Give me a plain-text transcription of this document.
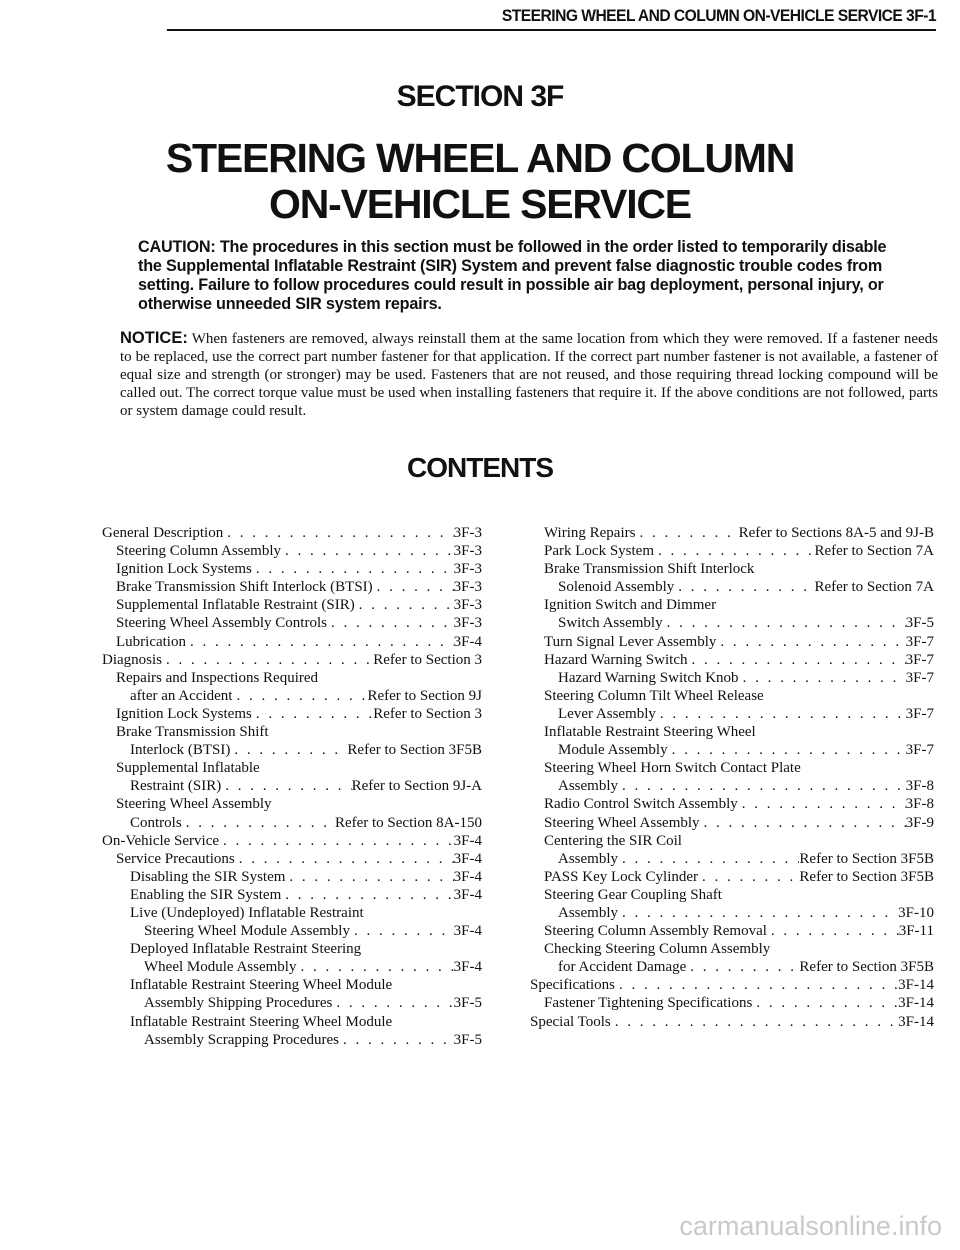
STEERING WHEEL AND COLUMN ON-VEHICLE SERVICE 3F-1
SECTION 3F
STEERING WHEEL AND COLUMN
ON-VEHICLE SERVICE
CAUTION: The procedures in this section must be followed in the order listed to temporarily disable the Supplemental Inflatable Restraint (SIR) System and prevent false diagnostic trouble codes from setting. Failure to follow procedures could result in possible air bag deployment, personal injury, or otherwise unneeded SIR system repairs.
NOTICE: When fasteners are removed, always reinstall them at the same location from which they were removed. If a fastener needs to be replaced, use the correct part number fastener for that application. If the correct part number fastener is not available, a fastener of equal size and strength (or stronger) may be used. Fasteners that are not reused, and those requiring thread locking compound will be called out. The correct torque value must be used when installing fasteners that require it. If the above conditions are not followed, parts or system damage could result.
CONTENTS
General Description . . .	3F-3
Steering Column Assembly . . .	3F-3
Ignition Lock Systems . . .	3F-3
Brake Transmission Shift Interlock (BTSI) . . .	3F-3
Supplemental Inflatable Restraint (SIR) . . .	3F-3
Steering Wheel Assembly Controls . . .	3F-3
Lubrication . . .	3F-4
Diagnosis . . .	Refer to Section 3
Repairs and Inspections Required
after an Accident . . .	Refer to Section 9J
Ignition Lock Systems . . .	Refer to Section 3
Brake Transmission Shift
Interlock (BTSI) . . .	Refer to Section 3F5B
Supplemental Inflatable
Restraint (SIR) . . .	Refer to Section 9J-A
Steering Wheel Assembly
Controls . . .	Refer to Section 8A-150
On-Vehicle Service . . .	3F-4
Service Precautions . . .	3F-4
Disabling the SIR System . . .	3F-4
Enabling the SIR System . . .	3F-4
Live (Undeployed) Inflatable Restraint
Steering Wheel Module Assembly . . .	3F-4
Deployed Inflatable Restraint Steering
Wheel Module Assembly . . .	3F-4
Inflatable Restraint Steering Wheel Module
Assembly Shipping Procedures . . .	3F-5
Inflatable Restraint Steering Wheel Module
Assembly Scrapping Procedures . . .	3F-5
Wiring Repairs . . .	Refer to Sections 8A-5 and 9J-B
Park Lock System . . .	Refer to Section 7A
Brake Transmission Shift Interlock
Solenoid Assembly . . .	Refer to Section 7A
Ignition Switch and Dimmer
Switch Assembly . . .	3F-5
Turn Signal Lever Assembly . . .	3F-7
Hazard Warning Switch . . .	3F-7
Hazard Warning Switch Knob . . .	3F-7
Steering Column Tilt Wheel Release
Lever Assembly . . .	3F-7
Inflatable Restraint Steering Wheel
Module Assembly . . .	3F-7
Steering Wheel Horn Switch Contact Plate
Assembly . . .	3F-8
Radio Control Switch Assembly . . .	3F-8
Steering Wheel Assembly . . .	3F-9
Centering the SIR Coil
Assembly . . .	Refer to Section 3F5B
PASS Key Lock Cylinder . . .	Refer to Section 3F5B
Steering Gear Coupling Shaft
Assembly . . .	3F-10
Steering Column Assembly Removal . . .	3F-11
Checking Steering Column Assembly
for Accident Damage . . .	Refer to Section 3F5B
Specifications . . .	3F-14
Fastener Tightening Specifications . . .	3F-14
Special Tools . . .	3F-14
carmanualsonline.info
